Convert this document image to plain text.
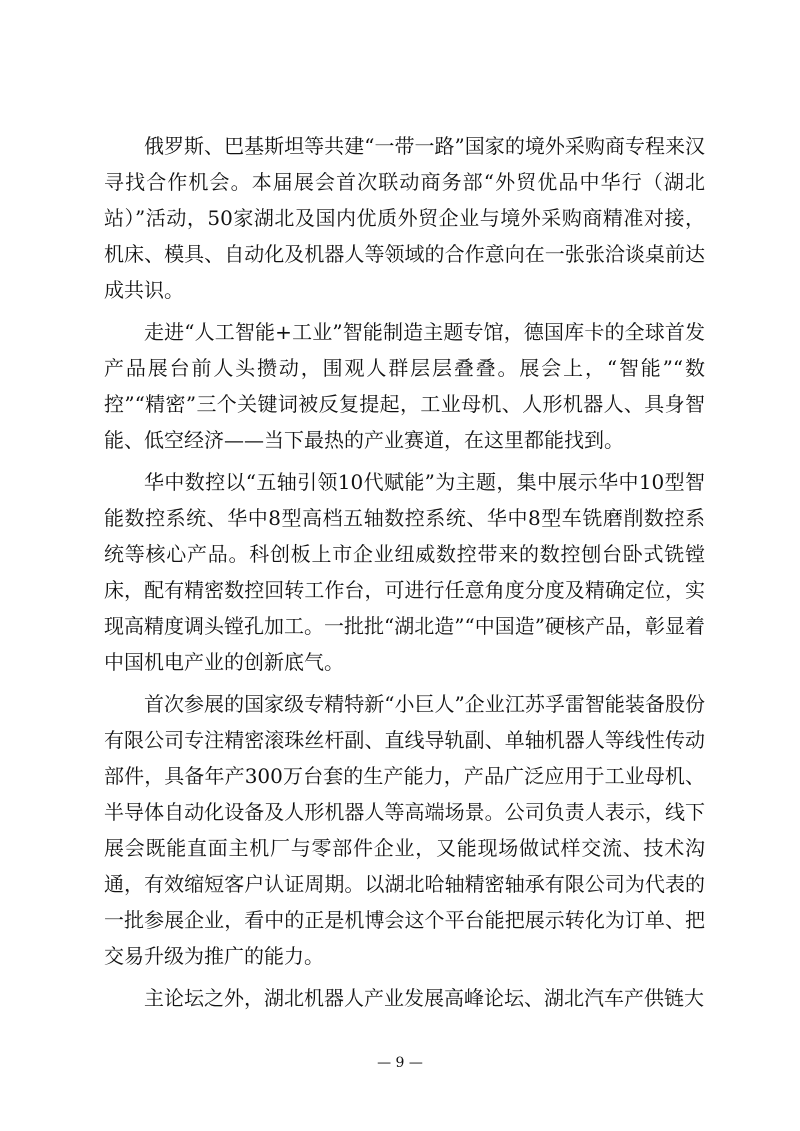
俄罗斯、巴基斯坦等共建“一带一路”国家的境外采购商专程来汉寻找合作机会。本届展会首次联动商务部“外贸优品中华行（湖北站）”活动，50家湖北及国内优质外贸企业与境外采购商精准对接，机床、模具、自动化及机器人等领域的合作意向在一张张洽谈桌前达成共识。

走进“人工智能+工业”智能制造主题专馆，德国库卡的全球首发产品展台前人头攒动，围观人群层层叠叠。展会上，“智能”“数控”“精密”三个关键词被反复提起，工业母机、人形机器人、具身智能、低空经济——当下最热的产业赛道，在这里都能找到。

华中数控以“五轴引领10代赋能”为主题，集中展示华中10型智能数控系统、华中8型高档五轴数控系统、华中8型车铣磨削数控系统等核心产品。科创板上市企业纽威数控带来的数控刨台卧式铣镗床，配有精密数控回转工作台，可进行任意角度分度及精确定位，实现高精度调头镗孔加工。一批批“湖北造”“中国造”硬核产品，彰显着中国机电产业的创新底气。

首次参展的国家级专精特新“小巨人”企业江苏孚雷智能装备股份有限公司专注精密滚珠丝杆副、直线导轨副、单轴机器人等线性传动部件，具备年产300万台套的生产能力，产品广泛应用于工业母机、半导体自动化设备及人形机器人等高端场景。公司负责人表示，线下展会既能直面主机厂与零部件企业，又能现场做试样交流、技术沟通，有效缩短客户认证周期。以湖北哈轴精密轴承有限公司为代表的一批参展企业，看中的正是机博会这个平台能把展示转化为订单、把交易升级为推广的能力。

主论坛之外，湖北机器人产业发展高峰论坛、湖北汽车产供链大

— 9 —
